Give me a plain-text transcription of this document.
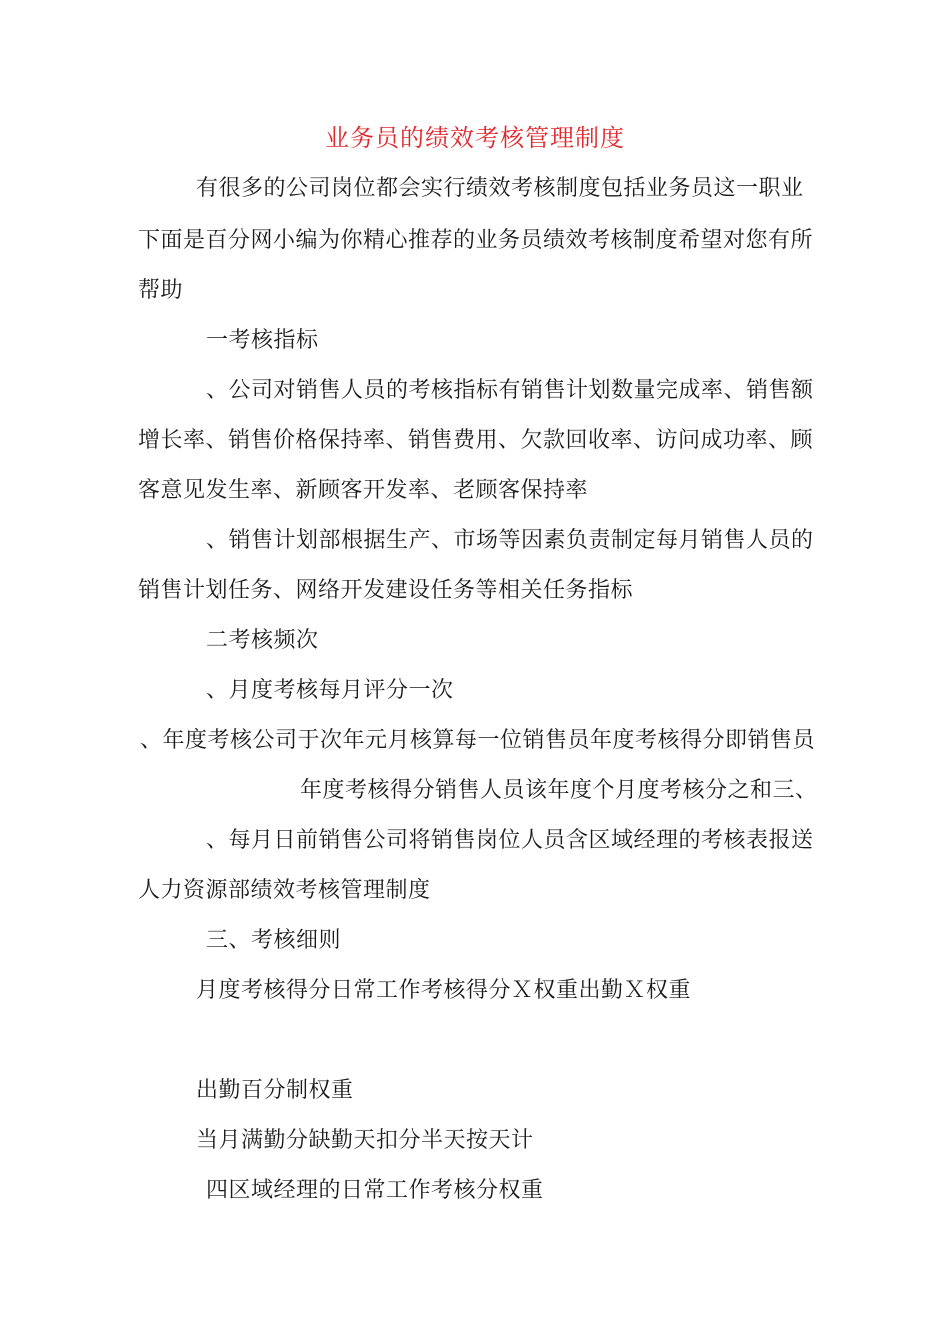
业务员的绩效考核管理制度
有很多的公司岗位都会实行绩效考核制度包括业务员这一职业
下面是百分网小编为你精心推荐的业务员绩效考核制度希望对您有所
帮助
一考核指标
、公司对销售人员的考核指标有销售计划数量完成率、销售额
增长率、销售价格保持率、销售费用、欠款回收率、访问成功率、顾
客意见发生率、新顾客开发率、老顾客保持率
、销售计划部根据生产、市场等因素负责制定每月销售人员的
销售计划任务、网络开发建设任务等相关任务指标
二考核频次
、月度考核每月评分一次
、年度考核公司于次年元月核算每一位销售员年度考核得分即销售员
年度考核得分销售人员该年度个月度考核分之和三、
、每月日前销售公司将销售岗位人员含区域经理的考核表报送
人力资源部绩效考核管理制度
三、考核细则
月度考核得分日常工作考核得分Ｘ权重出勤Ｘ权重
出勤百分制权重
当月满勤分缺勤天扣分半天按天计
四区域经理的日常工作考核分权重
